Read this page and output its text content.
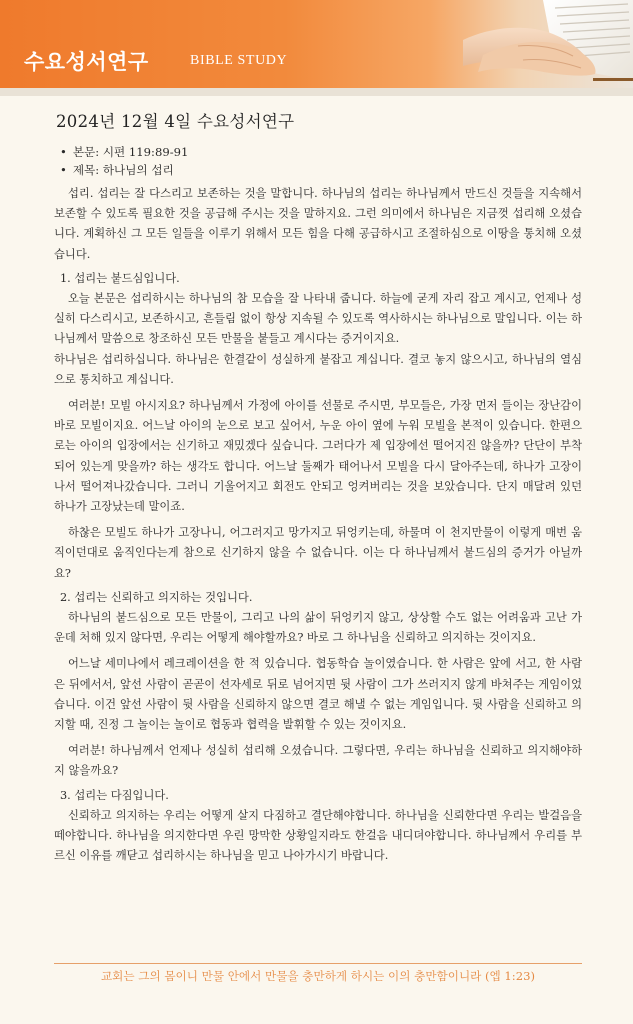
수요성서연구	BIBLE STUDY
2024년 12월 4일 수요성서연구
• 본문: 시편 119:89-91
• 제목: 하나님의 섭리

섭리. 섭리는 잘 다스리고 보존하는 것을 말합니다. 하나님의 섭리는 하나님께서 만드신 것들을 지속해서 보존할 수 있도록 필요한 것을 공급해 주시는 것을 말하지요. 그런 의미에서 하나님은 지금껏 섭리해 오셨습니다. 계획하신 그 모든 일들을 이루기 위해서 모든 힘을 다해 공급하시고 조절하심으로 이땅을 통치해 오셨습니다.

1. 섭리는 붙드심입니다.

오늘 본문은 섭리하시는 하나님의 참 모습을 잘 나타내 줍니다. 하늘에 굳게 자리 잡고 계시고, 언제나 성실히 다스리시고, 보존하시고, 흔들림 없이 항상 지속될 수 있도록 역사하시는 하나님으로 말입니다. 이는 하나님께서 말씀으로 창조하신 모든 만물을 붙들고 계시다는 증거이지요.

하나님은 섭리하십니다. 하나님은 한결같이 성실하게 붙잡고 계십니다. 결코 놓지 않으시고, 하나님의 열심으로 통치하고 계십니다.

여러분! 모빌 아시지요? 하나님께서 가정에 아이를 선물로 주시면, 부모들은, 가장 먼저 들이는 장난감이 바로 모빌이지요. 어느날 아이의 눈으로 보고 싶어서, 누운 아이 옆에 누워 모빌을 본적이 있습니다. 한편으로는 아이의 입장에서는 신기하고 재밌겠다 싶습니다. 그러다가 제 입장에선 떨어지진 않을까? 단단이 부착되어 있는게 맞을까? 하는 생각도 합니다. 어느날 둘째가 태어나서 모빌을 다시 달아주는데, 하나가 고장이나서 떨어져나갔습니다. 그러니 기울어지고 회전도 안되고 엉켜버리는 것을 보았습니다. 단지 매달려 있던 하나가 고장났는데 말이죠.

하찮은 모빌도 하나가 고장나니, 어그러지고 망가지고 뒤엉키는데, 하물며 이 천지만물이 이렇게 매번 움직이던대로 움직인다는게 참으로 신기하지 않을 수 없습니다. 이는 다 하나님께서 붙드심의 증거가 아닐까요?

2. 섭리는 신뢰하고 의지하는 것입니다.

하나님의 붙드심으로 모든 만물이, 그리고 나의 삶이 뒤엉키지 않고, 상상할 수도 없는 어려움과 고난 가운데 처해 있지 않다면, 우리는 어떻게 해야할까요? 바로 그 하나님을 신뢰하고 의지하는 것이지요.

어느날 세미나에서 레크레이션을 한 적 있습니다. 협동학습 놀이였습니다. 한 사람은 앞에 서고, 한 사람은 뒤에서서, 앞선 사람이 곧곧이 선자세로 뒤로 넘어지면 뒷 사람이 그가 쓰러지지 않게 바쳐주는 게임이었습니다. 이건 앞선 사람이 뒷 사람을 신뢰하지 않으면 결코 해낼 수 없는 게임입니다. 뒷 사람을 신뢰하고 의지할 때, 진정 그 놀이는 놀이로 협동과 협력을 발휘할 수 있는 것이지요.

여러분! 하나님께서 언제나 성실히 섭리해 오셨습니다. 그렇다면, 우리는 하나님을 신뢰하고 의지해야하지 않을까요?

3. 섭리는 다짐입니다.

신뢰하고 의지하는 우리는 어떻게 살지 다짐하고 결단해야합니다. 하나님을 신뢰한다면 우리는 발걸음을 떼야합니다. 하나님을 의지한다면 우린 망막한 상황일지라도 한걸음 내디뎌야합니다. 하나님께서 우리를 부르신 이유를 깨닫고 섭리하시는 하나님을 믿고 나아가시기 바랍니다.

교회는 그의 몸이니 만물 안에서 만물을 충만하게 하시는 이의 충만함이니라 (엡 1:23)
